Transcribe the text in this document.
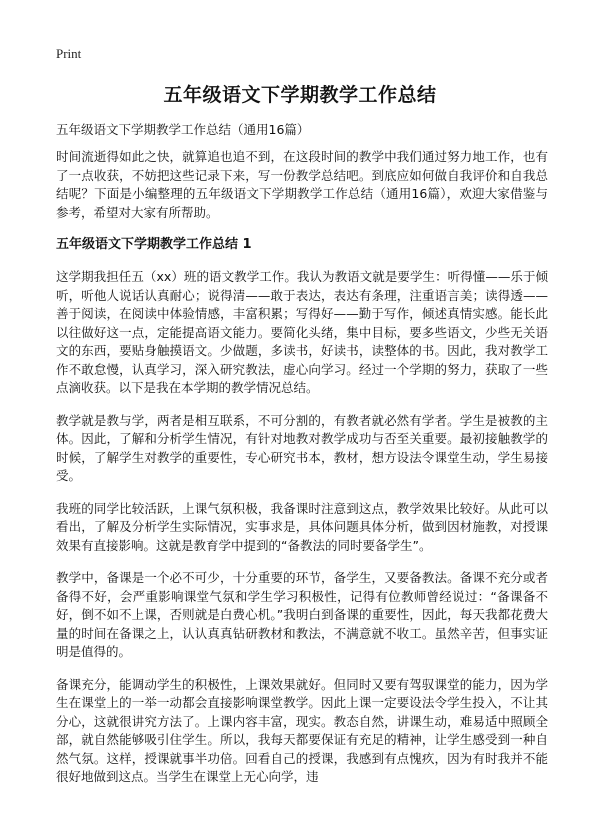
Print
五年级语文下学期教学工作总结

五年级语文下学期教学工作总结（通用16篇）

时间流逝得如此之快，就算追也追不到，在这段时间的教学中我们通过努力地工作，也有了一点收获，不妨把这些记录下来，写一份教学总结吧。到底应如何做自我评价和自我总结呢？下面是小编整理的五年级语文下学期教学工作总结（通用16篇），欢迎大家借鉴与参考，希望对大家有所帮助。

五年级语文下学期教学工作总结 1

这学期我担任五（xx）班的语文教学工作。我认为教语文就是要学生：听得懂——乐于倾听，听他人说话认真耐心；说得清——敢于表达，表达有条理，注重语言美；读得透——善于阅读，在阅读中体验情感，丰富积累；写得好——勤于写作，倾述真情实感。能长此以往做好这一点，定能提高语文能力。要简化头绪，集中目标，要多些语文，少些无关语文的东西，要贴身触摸语文。少做题，多读书，好读书，读整体的书。因此，我对教学工作不敢怠慢，认真学习，深入研究教法，虚心向学习。经过一个学期的努力，获取了一些点滴收获。以下是我在本学期的教学情况总结。

教学就是教与学，两者是相互联系，不可分割的，有教者就必然有学者。学生是被教的主体。因此，了解和分析学生情况，有针对地教对教学成功与否至关重要。最初接触教学的时候，了解学生对教学的重要性，专心研究书本，教材，想方设法令课堂生动，学生易接受。

我班的同学比较活跃，上课气氛积极，我备课时注意到这点，教学效果比较好。从此可以看出，了解及分析学生实际情况，实事求是，具体问题具体分析，做到因材施教，对授课效果有直接影响。这就是教育学中提到的“备教法的同时要备学生”。

教学中，备课是一个必不可少，十分重要的环节，备学生，又要备教法。备课不充分或者备得不好，会严重影响课堂气氛和学生学习积极性，记得有位教师曾经说过：“备课备不好，倒不如不上课，否则就是白费心机。”我明白到备课的重要性，因此，每天我都花费大量的时间在备课之上，认认真真钻研教材和教法，不满意就不收工。虽然辛苦，但事实证明是值得的。

备课充分，能调动学生的积极性，上课效果就好。但同时又要有驾驭课堂的能力，因为学生在课堂上的一举一动都会直接影响课堂教学。因此上课一定要设法令学生投入，不让其分心，这就很讲究方法了。上课内容丰富，现实。教态自然，讲课生动，难易适中照顾全部，就自然能够吸引住学生。所以，我每天都要保证有充足的精神，让学生感受到一种自然气氛。这样，授课就事半功倍。回看自己的授课，我感到有点愧疚，因为有时我并不能很好地做到这点。当学生在课堂上无心向学，违
